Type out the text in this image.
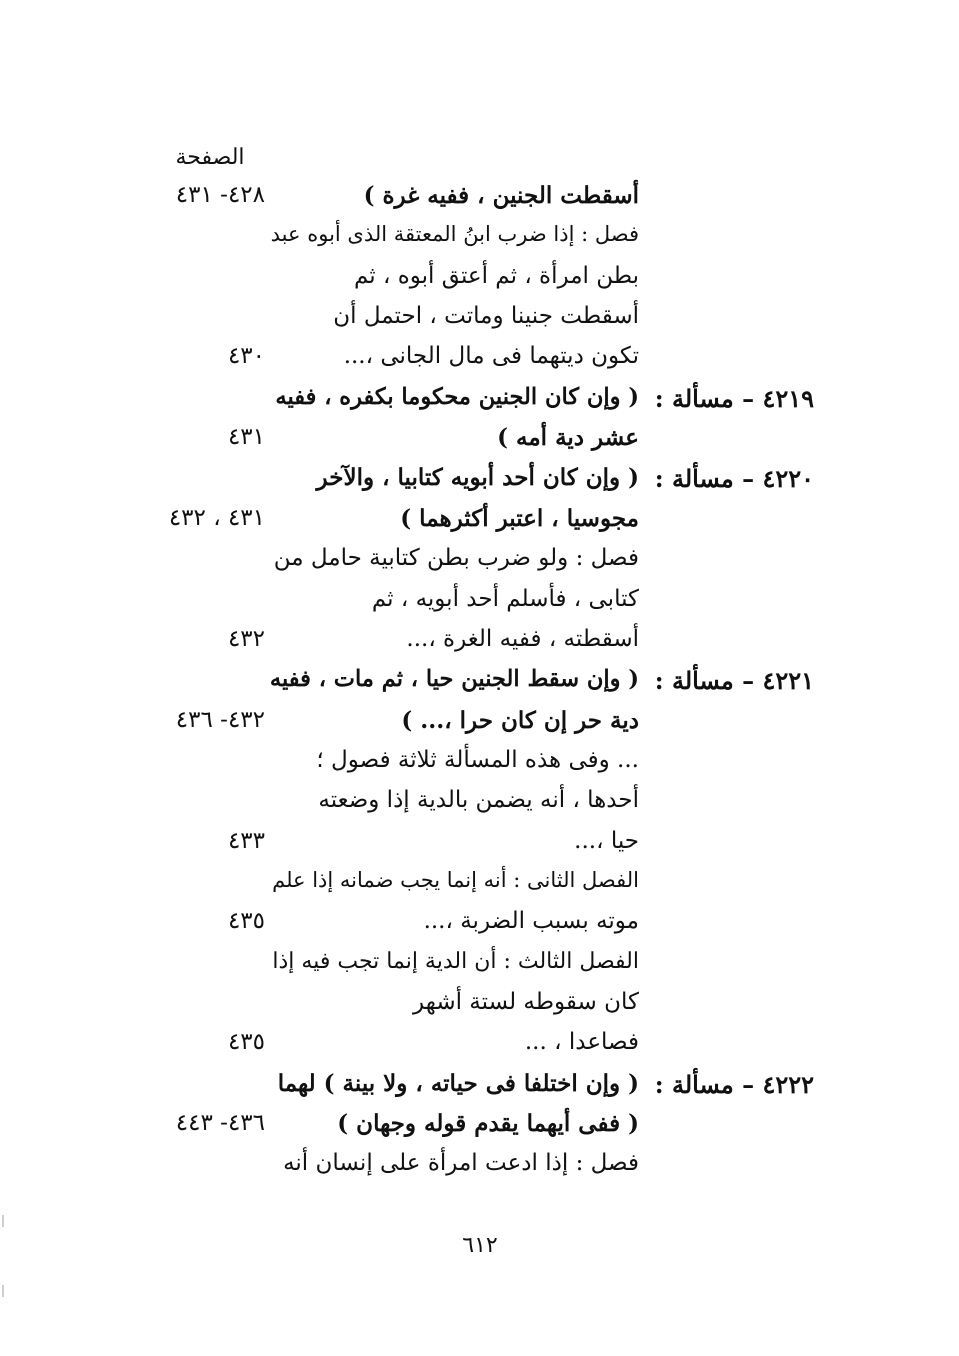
الصفحة
أسقطت الجنين ، ففيه غرة )
٤٢٨- ٤٣١
فصل : إذا ضرب ابنُ المعتقة الذى أبوه عبد
بطن امرأة ، ثم أعتق أبوه ، ثم
أسقطت جنينا وماتت ، احتمل أن
تكون ديتهما فى مال الجانى ،...
٤٣٠
٤٢١٩ – مسألة :
( وإن كان الجنين محكوما بكفره ، ففيه
عشر دية أمه )
٤٣١
٤٢٢٠ – مسألة :
( وإن كان أحد أبويه كتابيا ، والآخر
مجوسيا ، اعتبر أكثرهما )
٤٣١ ، ٤٣٢
فصل : ولو ضرب بطن كتابية حامل من
كتابى ، فأسلم أحد أبويه ، ثم
أسقطته ، ففيه الغرة ،...
٤٣٢
٤٢٢١ – مسألة :
( وإن سقط الجنين حيا ، ثم مات ، ففيه
دية حر إن كان حرا ،... )
٤٣٢- ٤٣٦
... وفى هذه المسألة ثلاثة فصول ؛
أحدها ، أنه يضمن بالدية إذا وضعته
حيا ،...
٤٣٣
الفصل الثانى : أنه إنما يجب ضمانه إذا علم
موته بسبب الضربة ،...
٤٣٥
الفصل الثالث : أن الدية إنما تجب فيه إذا
كان سقوطه لستة أشهر
فصاعدا ، ...
٤٣٥
٤٢٢٢ – مسألة :
( وإن اختلفا فى حياته ، ولا بينة ) لهما
( ففى أيهما يقدم قوله وجهان )
٤٣٦- ٤٤٣
فصل : إذا ادعت امرأة على إنسان أنه
٦١٢
